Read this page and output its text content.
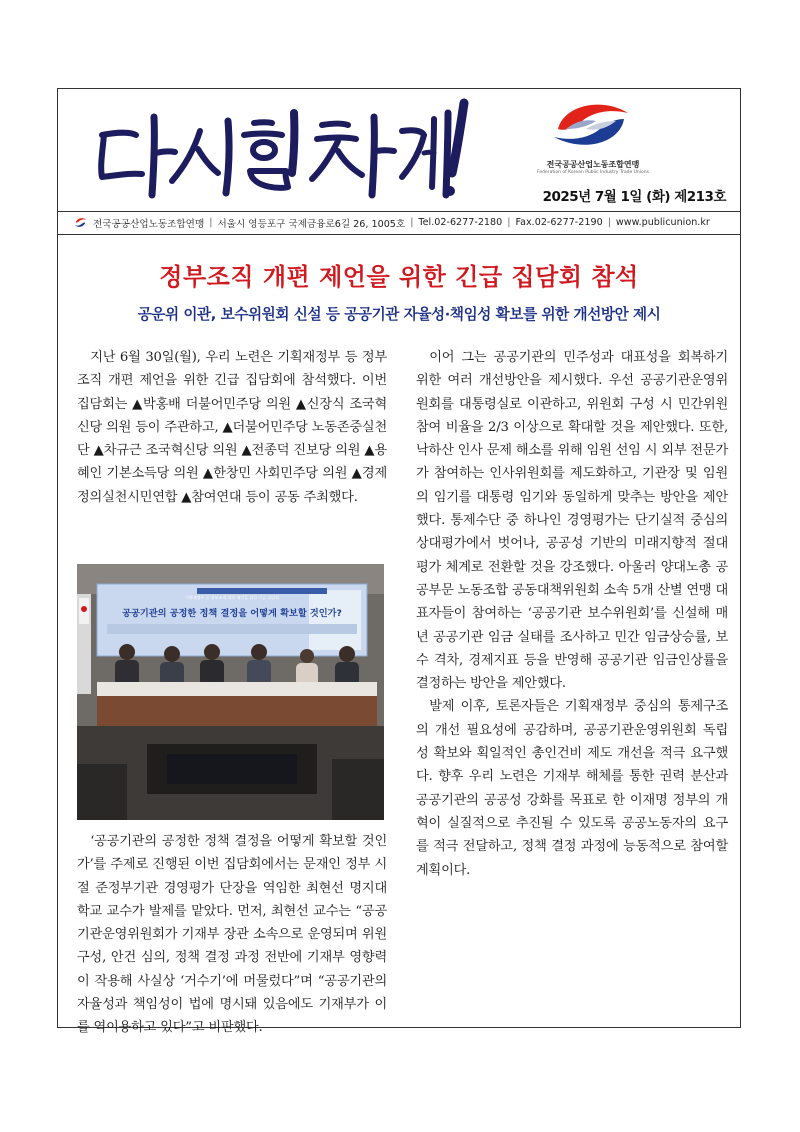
전국공공산업노동조합연맹
Federation of Korean Public Industry Trade Unions
2025년 7월 1일 (화) 제213호
전국공공산업노동조합연맹 | 서울시 영등포구 국제금융로6길 26, 1005호 | Tel.02-6277-2180 | Fax.02-6277-2190 | www.publicunion.kr
정부조직 개편 제언을 위한 긴급 집담회 참석
공운위 이관, 보수위원회 신설 등 공공기관 자율성·책임성 확보를 위한 개선방안 제시

지난 6월 30일(월), 우리 노련은 기획재정부 등 정부조직 개편 제언을 위한 긴급 집담회에 참석했다. 이번 집담회는 ▲박홍배 더불어민주당 의원 ▲신장식 조국혁신당 의원 등이 주관하고, ▲더불어민주당 노동존중실천단 ▲차규근 조국혁신당 의원 ▲전종덕 진보당 의원 ▲용혜인 기본소득당 의원 ▲한창민 사회민주당 의원 ▲경제정의실천시민연합 ▲참여연대 등이 공동 주최했다.

기획재정부 등 정부조직 개편 제언을 위한 긴급 집담회
공공기관의 공정한 정책 결정을 어떻게 확보할 것인가?

‘공공기관의 공정한 정책 결정을 어떻게 확보할 것인가’를 주제로 진행된 이번 집담회에서는 문재인 정부 시절 준정부기관 경영평가 단장을 역임한 최현선 명지대학교 교수가 발제를 맡았다. 먼저, 최현선 교수는 “공공기관운영위원회가 기재부 장관 소속으로 운영되며 위원 구성, 안건 심의, 정책 결정 과정 전반에 기재부 영향력이 작용해 사실상 ‘거수기’에 머물렀다”며 “공공기관의 자율성과 책임성이 법에 명시돼 있음에도 기재부가 이를 역이용하고 있다”고 비판했다.

이어 그는 공공기관의 민주성과 대표성을 회복하기 위한 여러 개선방안을 제시했다. 우선 공공기관운영위원회를 대통령실로 이관하고, 위원회 구성 시 민간위원 참여 비율을 2/3 이상으로 확대할 것을 제안했다. 또한, 낙하산 인사 문제 해소를 위해 임원 선임 시 외부 전문가가 참여하는 인사위원회를 제도화하고, 기관장 및 임원의 임기를 대통령 임기와 동일하게 맞추는 방안을 제안했다. 통제수단 중 하나인 경영평가는 단기실적 중심의 상대평가에서 벗어나, 공공성 기반의 미래지향적 절대평가 체계로 전환할 것을 강조했다. 아울러 양대노총 공공부문 노동조합 공동대책위원회 소속 5개 산별 연맹 대표자들이 참여하는 ‘공공기관 보수위원회’를 신설해 매년 공공기관 임금 실태를 조사하고 민간 임금상승률, 보수 격차, 경제지표 등을 반영해 공공기관 임금인상률을 결정하는 방안을 제안했다.

발제 이후, 토론자들은 기획재정부 중심의 통제구조의 개선 필요성에 공감하며, 공공기관운영위원회 독립성 확보와 획일적인 총인건비 제도 개선을 적극 요구했다. 향후 우리 노련은 기재부 해체를 통한 권력 분산과 공공기관의 공공성 강화를 목표로 한 이재명 정부의 개혁이 실질적으로 추진될 수 있도록 공공노동자의 요구를 적극 전달하고, 정책 결정 과정에 능동적으로 참여할 계획이다.
